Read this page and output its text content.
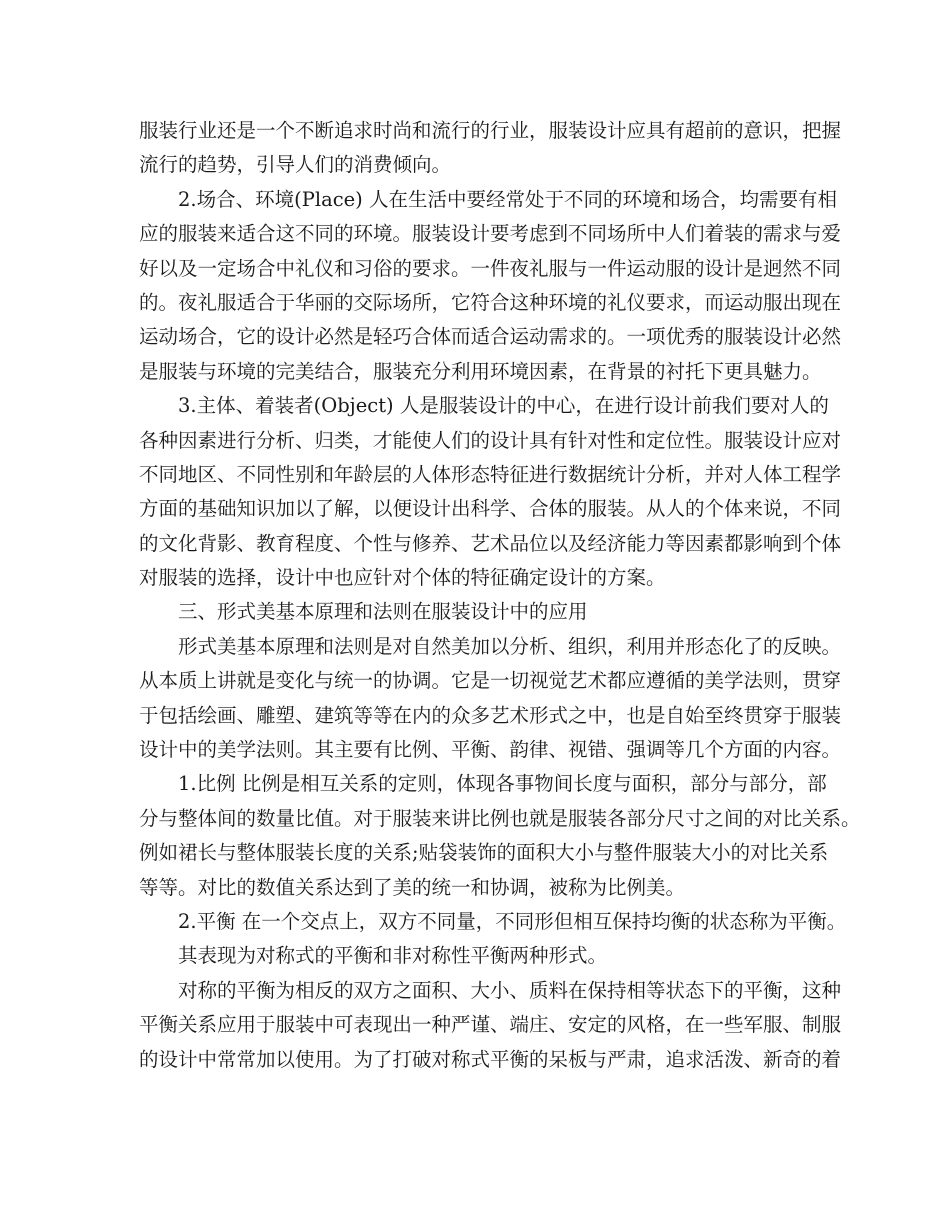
服装行业还是一个不断追求时尚和流行的行业，服装设计应具有超前的意识，把握
流行的趋势，引导人们的消费倾向。
2.场合、环境(Place) 人在生活中要经常处于不同的环境和场合，均需要有相
应的服装来适合这不同的环境。服装设计要考虑到不同场所中人们着装的需求与爱
好以及一定场合中礼仪和习俗的要求。一件夜礼服与一件运动服的设计是迥然不同
的。夜礼服适合于华丽的交际场所，它符合这种环境的礼仪要求，而运动服出现在
运动场合，它的设计必然是轻巧合体而适合运动需求的。一项优秀的服装设计必然
是服装与环境的完美结合，服装充分利用环境因素，在背景的衬托下更具魅力。
3.主体、着装者(Object) 人是服装设计的中心，在进行设计前我们要对人的
各种因素进行分析、归类，才能使人们的设计具有针对性和定位性。服装设计应对
不同地区、不同性别和年龄层的人体形态特征进行数据统计分析，并对人体工程学
方面的基础知识加以了解，以便设计出科学、合体的服装。从人的个体来说，不同
的文化背影、教育程度、个性与修养、艺术品位以及经济能力等因素都影响到个体
对服装的选择，设计中也应针对个体的特征确定设计的方案。
三、形式美基本原理和法则在服装设计中的应用
形式美基本原理和法则是对自然美加以分析、组织，利用并形态化了的反映。
从本质上讲就是变化与统一的协调。它是一切视觉艺术都应遵循的美学法则，贯穿
于包括绘画、雕塑、建筑等等在内的众多艺术形式之中，也是自始至终贯穿于服装
设计中的美学法则。其主要有比例、平衡、韵律、视错、强调等几个方面的内容。
1.比例 比例是相互关系的定则，体现各事物间长度与面积，部分与部分，部
分与整体间的数量比值。对于服装来讲比例也就是服装各部分尺寸之间的对比关系。
例如裙长与整体服装长度的关系;贴袋装饰的面积大小与整件服装大小的对比关系
等等。对比的数值关系达到了美的统一和协调，被称为比例美。
2.平衡 在一个交点上，双方不同量，不同形但相互保持均衡的状态称为平衡。
其表现为对称式的平衡和非对称性平衡两种形式。
对称的平衡为相反的双方之面积、大小、质料在保持相等状态下的平衡，这种
平衡关系应用于服装中可表现出一种严谨、端庄、安定的风格，在一些军服、制服
的设计中常常加以使用。为了打破对称式平衡的呆板与严肃，追求活泼、新奇的着
